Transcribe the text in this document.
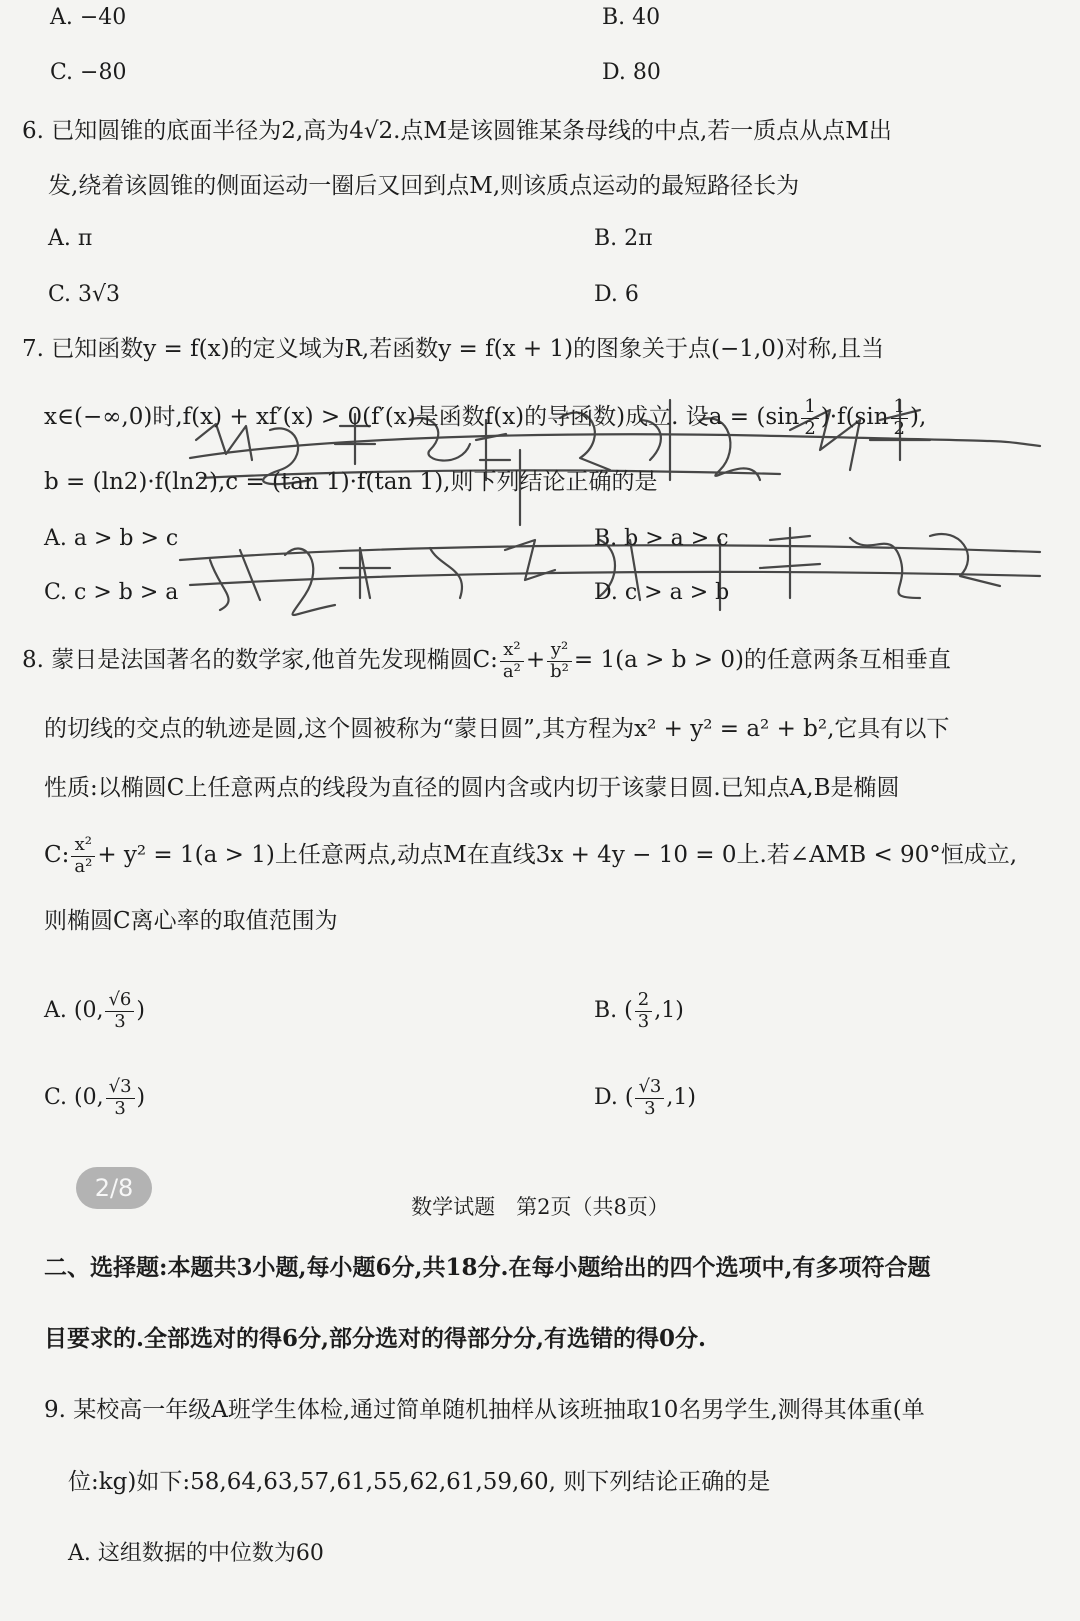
A. −40	B. 40
C. −80	D. 80
6. 已知圆锥的底面半径为2,高为4√2.点M是该圆锥某条母线的中点,若一质点从点M出
发,绕着该圆锥的侧面运动一圈后又回到点M,则该质点运动的最短路径长为
A. π	B. 2π
C. 3√3	D. 6
7. 已知函数y = f(x)的定义域为R,若函数y = f(x + 1)的图象关于点(−1,0)对称,且当
x∈(−∞,0)时,f(x) + xf′(x) > 0(f′(x)是函数f(x)的导函数)成立. 设$a = (\sin \frac{1}{2} )\cdot f(\sin \frac{1}{2}$ ),
b = (ln2)·f(ln2),c = (tan 1)·f(tan 1),则下列结论正确的是
A. a > b > c	B. b > a > c
C. c > b > a	D. c > a > b
8. 蒙日是法国著名的数学家,他首先发现椭圆C: $\frac{\text{x²}}{\text{a²}} + \frac{\text{y²}}{\text{b²}} = 1(a > b > 0)$的任意两条互相垂直
的切线的交点的轨迹是圆,这个圆被称为“蒙日圆”,其方程为x² + y² = a² + b²,它具有以下
性质:以椭圆C上任意两点的线段为直径的圆内含或内切于该蒙日圆.已知点A,B是椭圆
C: $\frac{\text{x²}}{\text{a²}} + y^2 = 1(a > 1)$上任意两点,动点M在直线3x + 4y − 10 = 0上.若∠AMB < 90°恒成立,
则椭圆C离心率的取值范围为
A. (0, $\frac{√6}{3}$ )	B. ( $\frac{2}{3} ,1$)
C. (0, $\frac{√3}{3}$ )	D. ( $\frac{√3}{3} ,1$)
2/8
数学试题　第2页（共8页）
二、选择题:本题共3小题,每小题6分,共18分.在每小题给出的四个选项中,有多项符合题
目要求的.全部选对的得6分,部分选对的得部分分,有选错的得0分.
9. 某校高一年级A班学生体检,通过简单随机抽样从该班抽取10名男学生,测得其体重(单
位:kg)如下:58,64,63,57,61,55,62,61,59,60, 则下列结论正确的是
A. 这组数据的中位数为60
